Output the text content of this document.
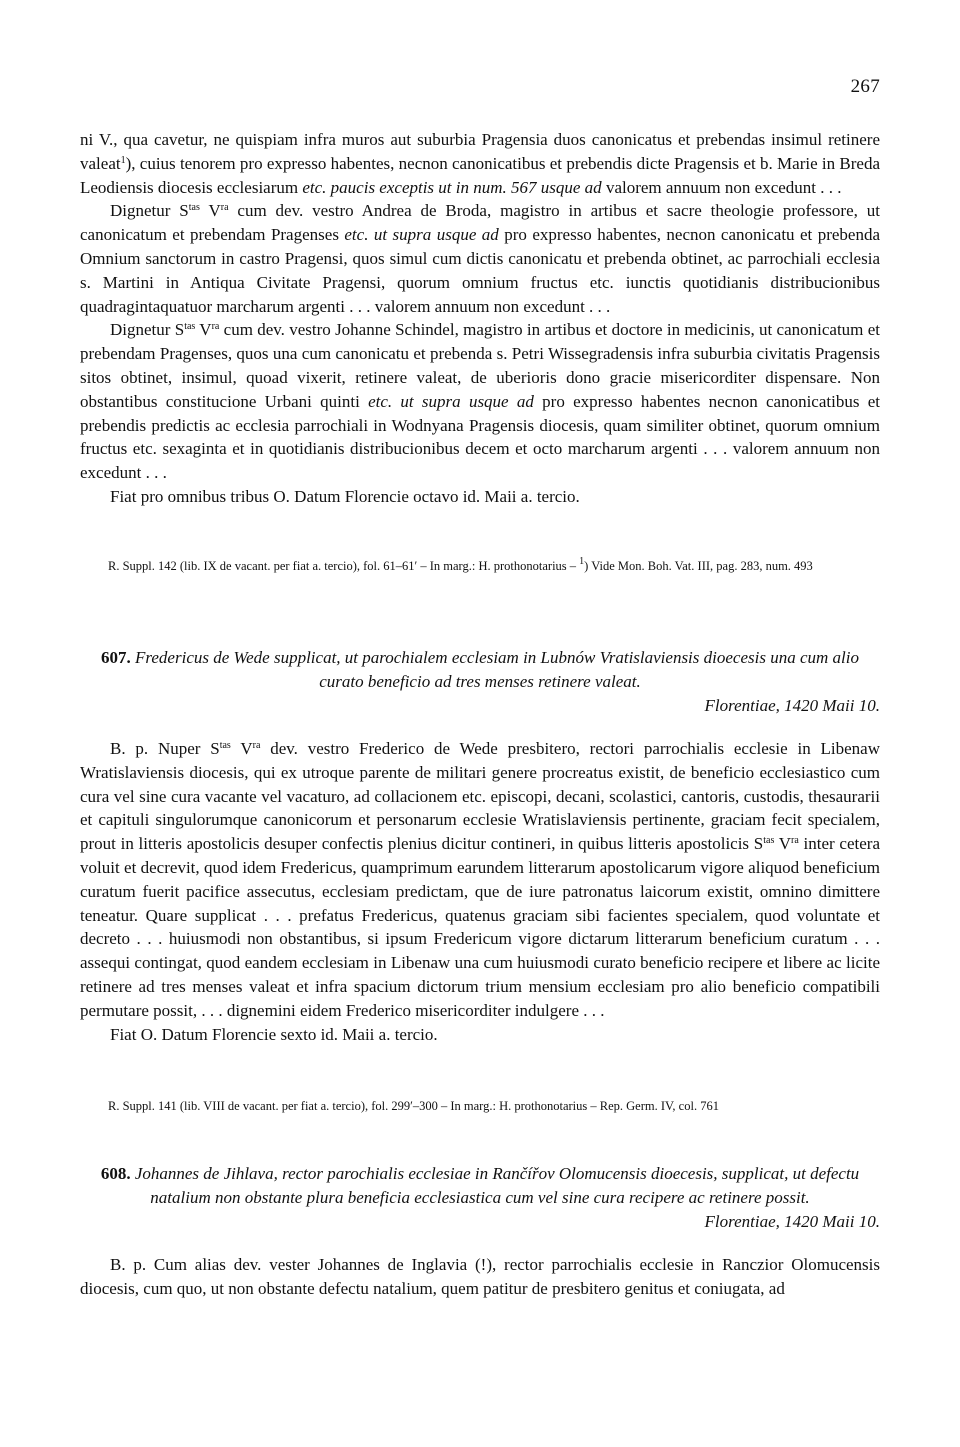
267

ni V., qua cavetur, ne quispiam infra muros aut suburbia Pragensia duos canonicatus et prebendas insimul retinere valeat$^1$), cuius tenorem pro expresso habentes, necnon canonicatibus et prebendis dicte Pragensis et b. Marie in Breda Leodiensis diocesis ecclesiarum etc. paucis exceptis ut in num. 567 usque ad valorem annuum non excedunt . . .

Dignetur $S^{tas}$ $V^{ra}$ cum dev. vestro Andrea de Broda, magistro in artibus et sacre theologie professore, ut canonicatum et prebendam Pragenses etc. ut supra usque ad pro expresso habentes, necnon canonicatu et prebenda Omnium sanctorum in castro Pragensi, quos simul cum dictis canonicatu et prebenda obtinet, ac parrochiali ecclesia s. Martini in Antiqua Civitate Pragensi, quorum omnium fructus etc. iunctis quotidianis distribucionibus quadragintaquatuor marcharum argenti . . . valorem annuum non excedunt . . .

Dignetur $S^{tas}$ $V^{ra}$ cum dev. vestro Johanne Schindel, magistro in artibus et doctore in medicinis, ut canonicatum et prebendam Pragenses, quos una cum canonicatu et prebenda s. Petri Wissegradensis infra suburbia civitatis Pragensis sitos obtinet, insimul, quoad vixerit, retinere valeat, de uberioris dono gracie misericorditer dispensare. Non obstantibus constitucione Urbani quinti etc. ut supra usque ad pro expresso habentes necnon canonicatibus et prebendis predictis ac ecclesia parrochiali in Wodnyana Pragensis diocesis, quam similiter obtinet, quorum omnium fructus etc. sexaginta et in quotidianis distribucionibus decem et octo marcharum argenti . . . valorem annuum non excedunt . . .

Fiat pro omnibus tribus O. Datum Florencie octavo id. Maii a. tercio.

R. Suppl. 142 (lib. IX de vacant. per fiat a. tercio), fol. 61–61′ – In marg.: H. prothonotarius – $^1$) Vide Mon. Boh. Vat. III, pag. 283, num. 493

607. Fredericus de Wede supplicat, ut parochialem ecclesiam in Lubnów Vratislaviensis dioecesis una cum alio curato beneficio ad tres menses retinere valeat.

Florentiae, 1420 Maii 10.

B. p. Nuper $S^{tas}$ $V^{ra}$ dev. vestro Frederico de Wede presbitero, rectori parrochialis ecclesie in Libenaw Wratislaviensis diocesis, qui ex utroque parente de militari genere procreatus existit, de beneficio ecclesiastico cum cura vel sine cura vacante vel vacaturo, ad collacionem etc. episcopi, decani, scolastici, cantoris, custodis, thesaurarii et capituli singulorumque canonicorum et personarum ecclesie Wratislaviensis pertinente, graciam fecit specialem, prout in litteris apostolicis desuper confectis plenius dicitur contineri, in quibus litteris apostolicis $S^{tas}$ $V^{ra}$ inter cetera voluit et decrevit, quod idem Fredericus, quamprimum earundem litterarum apostolicarum vigore aliquod beneficium curatum fuerit pacifice assecutus, ecclesiam predictam, que de iure patronatus laicorum existit, omnino dimittere teneatur. Quare supplicat . . . prefatus Fredericus, quatenus graciam sibi facientes specialem, quod voluntate et decreto . . . huiusmodi non obstantibus, si ipsum Fredericum vigore dictarum litterarum beneficium curatum . . . assequi contingat, quod eandem ecclesiam in Libenaw una cum huiusmodi curato beneficio recipere et libere ac licite retinere ad tres menses valeat et infra spacium dictorum trium mensium ecclesiam pro alio beneficio compatibili permutare possit, . . . dignemini eidem Frederico misericorditer indulgere . . .

Fiat O. Datum Florencie sexto id. Maii a. tercio.

R. Suppl. 141 (lib. VIII de vacant. per fiat a. tercio), fol. 299′–300 – In marg.: H. prothonotarius – Rep. Germ. IV, col. 761

608. Johannes de Jihlava, rector parochialis ecclesiae in Rančířov Olomucensis dioecesis, supplicat, ut defectu natalium non obstante plura beneficia ecclesiastica cum vel sine cura recipere ac retinere possit.

Florentiae, 1420 Maii 10.

B. p. Cum alias dev. vester Johannes de Inglavia (!), rector parrochialis ecclesie in Ranczior Olomucensis diocesis, cum quo, ut non obstante defectu natalium, quem patitur de presbitero genitus et coniugata, ad
